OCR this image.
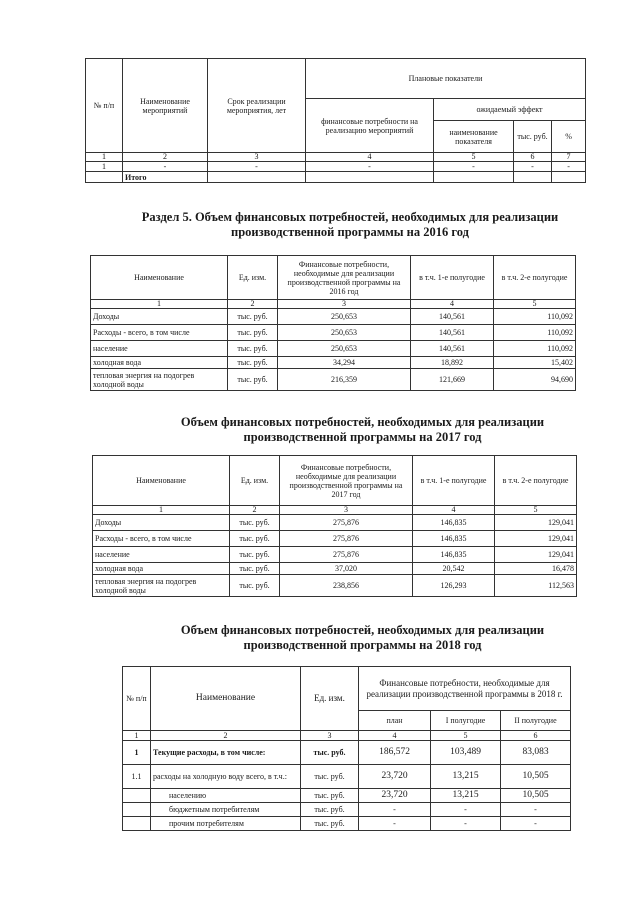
№ п/п	Наименование мероприятий	Срок реализации мероприятия, лет	Плановые показатели			
			финансовые потребности на реализацию мероприятий	ожидаемый эффект		
				наименование показателя	тыс. руб.	%
1	2	3	4	5	6	7
1	-	-	-	-	-	-
	Итого					
Раздел 5. Объем финансовых потребностей, необходимых для реализации производственной программы на 2016 год
Наименование	Ед. изм.	Финансовые потребности, необходимые для реализации производственной программы на 2016 год	в т.ч. 1-е полугодие	в т.ч. 2-е полугодие
1	2	3	4	5
Доходы	тыс. руб.	250,653	140,561	110,092
Расходы - всего, в том числе	тыс. руб.	250,653	140,561	110,092
население	тыс. руб.	250,653	140,561	110,092
холодная вода	тыс. руб.	34,294	18,892	15,402
тепловая энергия на подогрев холодной воды	тыс. руб.	216,359	121,669	94,690
Объем финансовых потребностей, необходимых для реализации производственной программы на 2017 год
Наименование	Ед. изм.	Финансовые потребности, необходимые для реализации производственной программы на 2017 год	в т.ч. 1-е полугодие	в т.ч. 2-е полугодие
1	2	3	4	5
Доходы	тыс. руб.	275,876	146,835	129,041
Расходы - всего, в том числе	тыс. руб.	275,876	146,835	129,041
население	тыс. руб.	275,876	146,835	129,041
холодная вода	тыс. руб.	37,020	20,542	16,478
тепловая энергия на подогрев холодной воды	тыс. руб.	238,856	126,293	112,563
Объем финансовых потребностей, необходимых для реализации производственной программы на 2018 год
№ п/п	Наименование	Ед. изм.	Финансовые потребности, необходимые для реализации производственной программы в 2018 г.		
			план	I полугодие	II полугодие
1	2	3	4	5	6
1	Текущие расходы, в том числе:	тыс. руб.	186,572	103,489	83,083
1.1	расходы на холодную воду всего, в т.ч.:	тыс. руб.	23,720	13,215	10,505
	населению	тыс. руб.	23,720	13,215	10,505
	бюджетным потребителям	тыс. руб.	-	-	-
	прочим потребителям	тыс. руб.	-	-	-
